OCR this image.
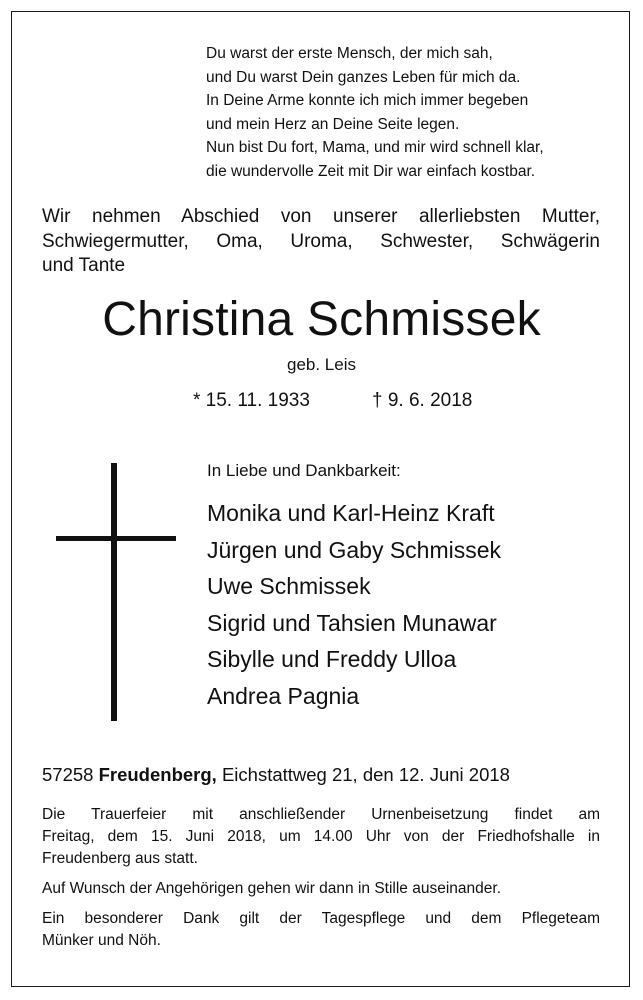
Du warst der erste Mensch, der mich sah,
und Du warst Dein ganzes Leben für mich da.
In Deine Arme konnte ich mich immer begeben
und mein Herz an Deine Seite legen.
Nun bist Du fort, Mama, und mir wird schnell klar,
die wundervolle Zeit mit Dir war einfach kostbar.
Wir nehmen Abschied von unserer allerliebsten Mutter,
Schwiegermutter, Oma, Uroma, Schwester, Schwägerin
und Tante
Christina Schmissek
geb. Leis
* 15. 11. 1933	† 9. 6. 2018
In Liebe und Dankbarkeit:
Monika und Karl-Heinz Kraft
Jürgen und Gaby Schmissek
Uwe Schmissek
Sigrid und Tahsien Munawar
Sibylle und Freddy Ulloa
Andrea Pagnia
57258 Freudenberg, Eichstattweg 21, den 12. Juni 2018
Die Trauerfeier mit anschließender Urnenbeisetzung findet am
Freitag, dem 15. Juni 2018, um 14.00 Uhr von der Friedhofshalle in
Freudenberg aus statt.
Auf Wunsch der Angehörigen gehen wir dann in Stille auseinander.
Ein besonderer Dank gilt der Tagespflege und dem Pflegeteam
Münker und Nöh.
